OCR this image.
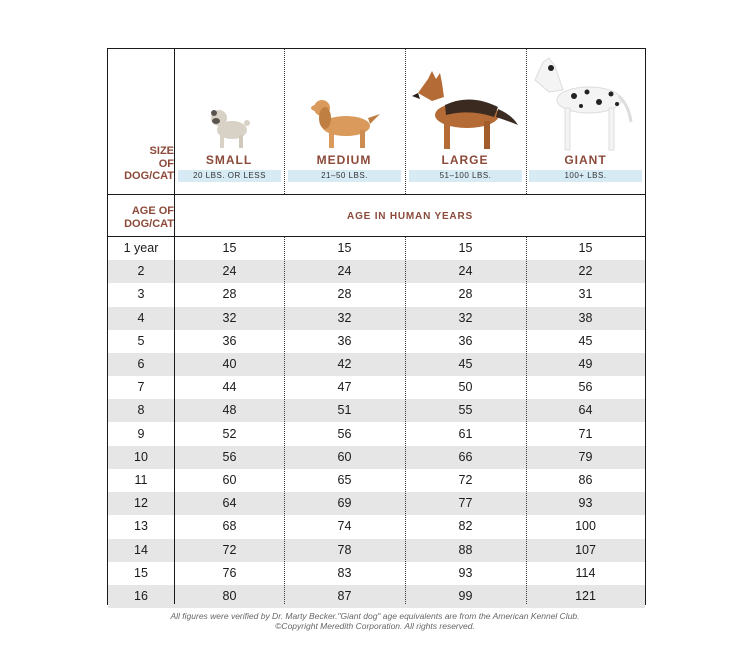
SIZE
OF
DOG/CAT
AGE OF
DOG/CAT
SMALL	MEDIUM	LARGE	GIANT
20 LBS. OR LESS	21–50 LBS.	51–100 LBS.	100+ LBS.
AGE IN HUMAN YEARS
1 year	15	15	15	15
2	24	24	24	22
3	28	28	28	31
4	32	32	32	38
5	36	36	36	45
6	40	42	45	49
7	44	47	50	56
8	48	51	55	64
9	52	56	61	71
10	56	60	66	79
11	60	65	72	86
12	64	69	77	93
13	68	74	82	100
14	72	78	88	107
15	76	83	93	114
16	80	87	99	121
All figures were verified by Dr. Marty Becker."Giant dog" age equivalents are from the American Kennel Club.
©Copyright Meredith Corporation. All rights reserved.
